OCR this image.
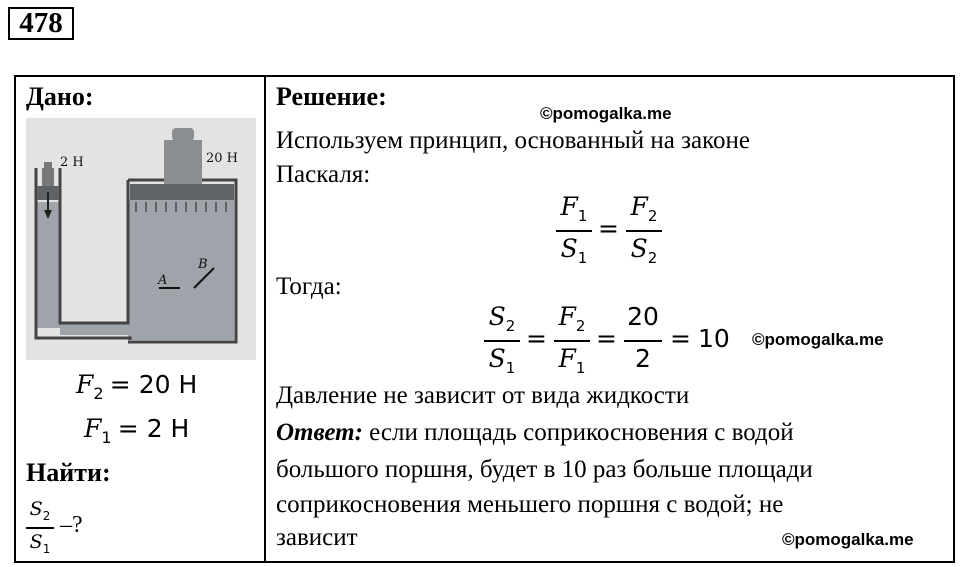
478
Дано:
2 Н	20 Н
A
B
$F_2 = 20$ Н
$F_1 = 2$ Н
Найти:
$S_2$
$S_1$
–?
Решение:
©pomogalka.me
Используем принцип, основанный на законе
Паскаля:
$F_1$
$S_1$
=
$F_2$
$S_2$
Тогда:
$S_2$
$S_1$
=
$F_2$
$F_1$
=
20
2
= 10 ©pomogalka.me
Давление не зависит от вида жидкости
Ответ: если площадь соприкосновения с водой
большого поршня, будет в 10 раз больше площади
соприкосновения меньшего поршня с водой; не
зависит	©pomogalka.me
